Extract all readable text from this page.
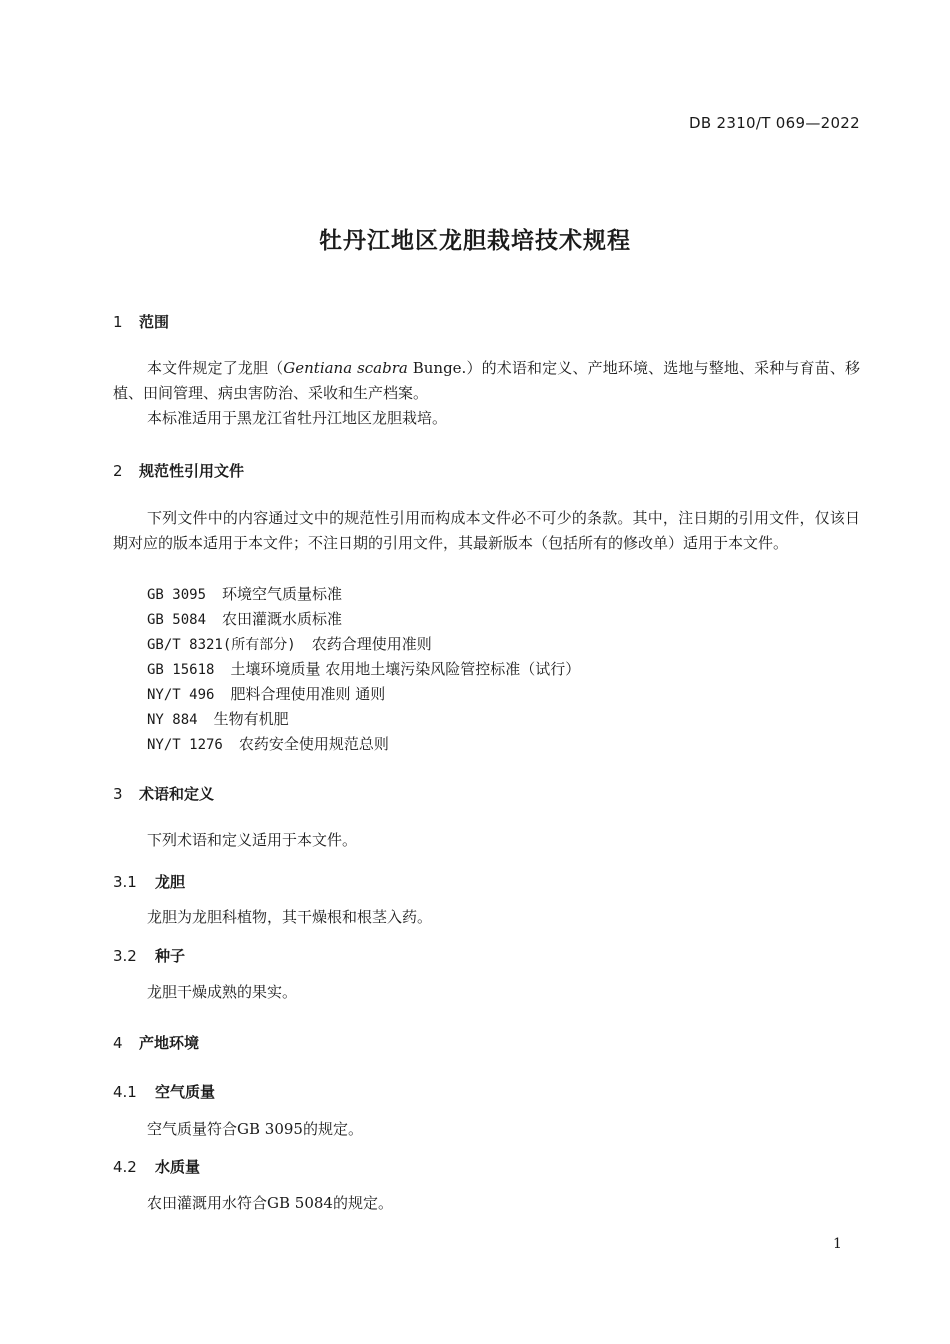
DB 2310/T 069—2022
牡丹江地区龙胆栽培技术规程
1 范围
本文件规定了龙胆（Gentiana scabra Bunge.）的术语和定义、产地环境、选地与整地、采种与育苗、移植、田间管理、病虫害防治、采收和生产档案。
本标准适用于黑龙江省牡丹江地区龙胆栽培。
2 规范性引用文件
下列文件中的内容通过文中的规范性引用而构成本文件必不可少的条款。其中，注日期的引用文件，仅该日期对应的版本适用于本文件；不注日期的引用文件，其最新版本（包括所有的修改单）适用于本文件。
GB 3095 环境空气质量标准
GB 5084 农田灌溉水质标准
GB/T 8321(所有部分) 农药合理使用准则
GB 15618 土壤环境质量 农用地土壤污染风险管控标准（试行）
NY/T 496 肥料合理使用准则 通则
NY 884 生物有机肥
NY/T 1276 农药安全使用规范总则
3 术语和定义
下列术语和定义适用于本文件。
3.1 龙胆
龙胆为龙胆科植物，其干燥根和根茎入药。
3.2 种子
龙胆干燥成熟的果实。
4 产地环境
4.1 空气质量
空气质量符合GB 3095的规定。
4.2 水质量
农田灌溉用水符合GB 5084的规定。
1
